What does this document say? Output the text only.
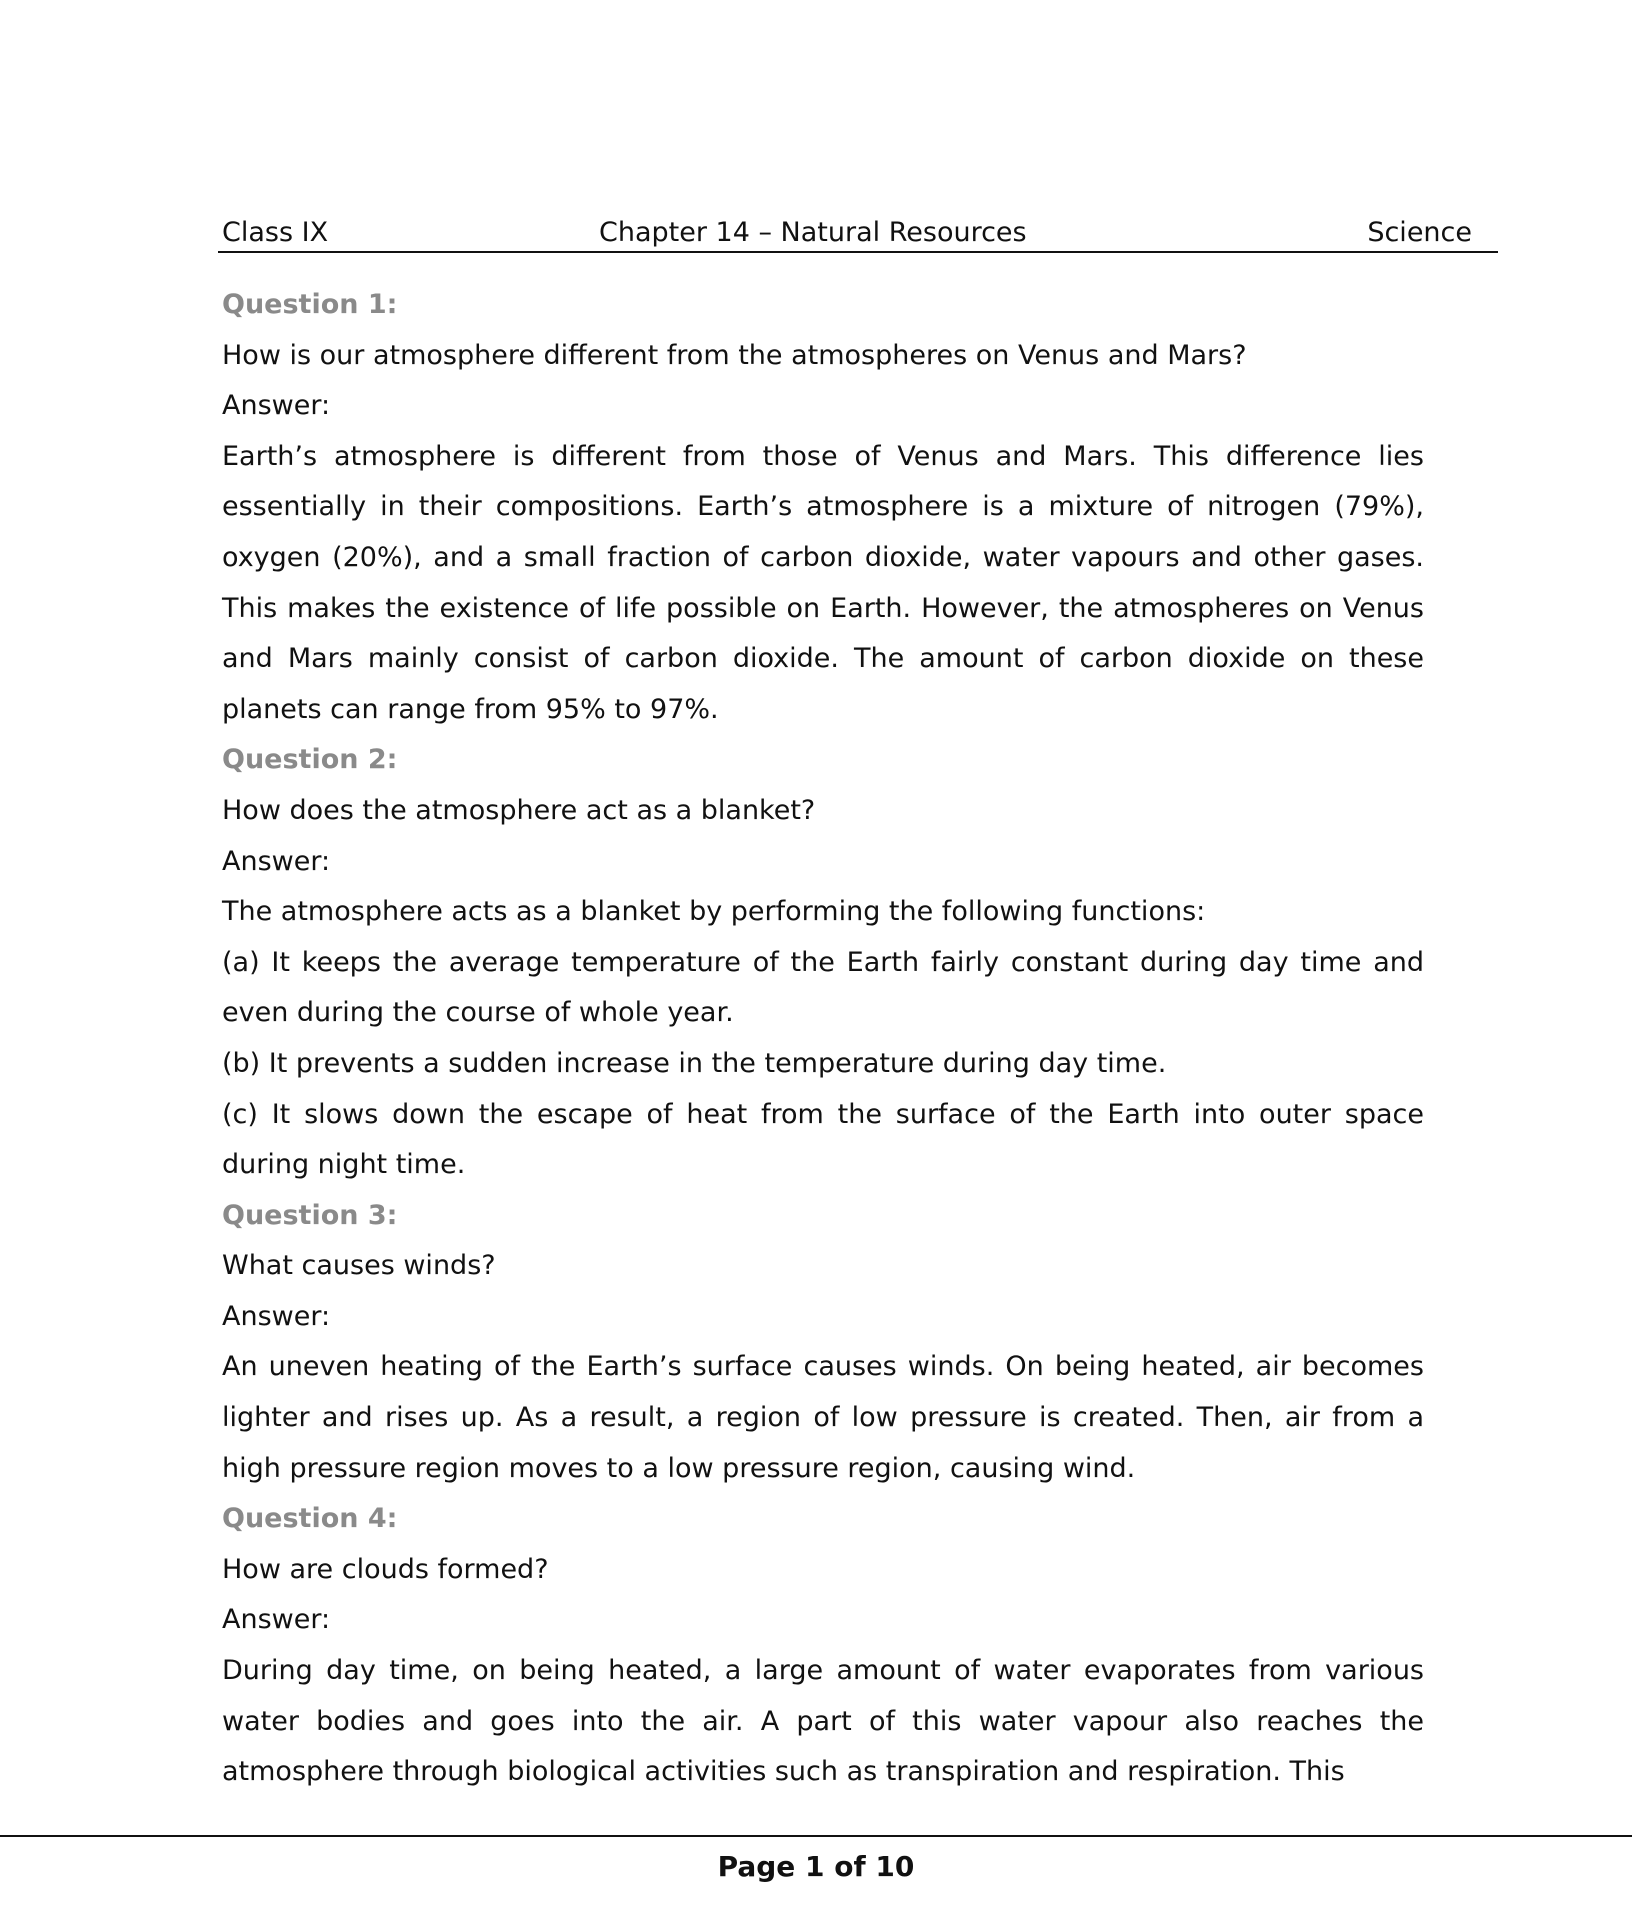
Class IX	Chapter 14 – Natural Resources	Science
Question 1:
How is our atmosphere different from the atmospheres on Venus and Mars?
Answer:
Earth’s atmosphere is different from those of Venus and Mars. This difference lies essentially in their compositions. Earth’s atmosphere is a mixture of nitrogen (79%), oxygen (20%), and a small fraction of carbon dioxide, water vapours and other gases. This makes the existence of life possible on Earth. However, the atmospheres on Venus and Mars mainly consist of carbon dioxide. The amount of carbon dioxide on these planets can range from 95% to 97%.
Question 2:
How does the atmosphere act as a blanket?
Answer:
The atmosphere acts as a blanket by performing the following functions:
(a) It keeps the average temperature of the Earth fairly constant during day time and even during the course of whole year.
(b) It prevents a sudden increase in the temperature during day time.
(c) It slows down the escape of heat from the surface of the Earth into outer space during night time.
Question 3:
What causes winds?
Answer:
An uneven heating of the Earth’s surface causes winds. On being heated, air becomes lighter and rises up. As a result, a region of low pressure is created. Then, air from a high pressure region moves to a low pressure region, causing wind.
Question 4:
How are clouds formed?
Answer:
During day time, on being heated, a large amount of water evaporates from various water bodies and goes into the air. A part of this water vapour also reaches the atmosphere through biological activities such as transpiration and respiration. This
Page 1 of 10
